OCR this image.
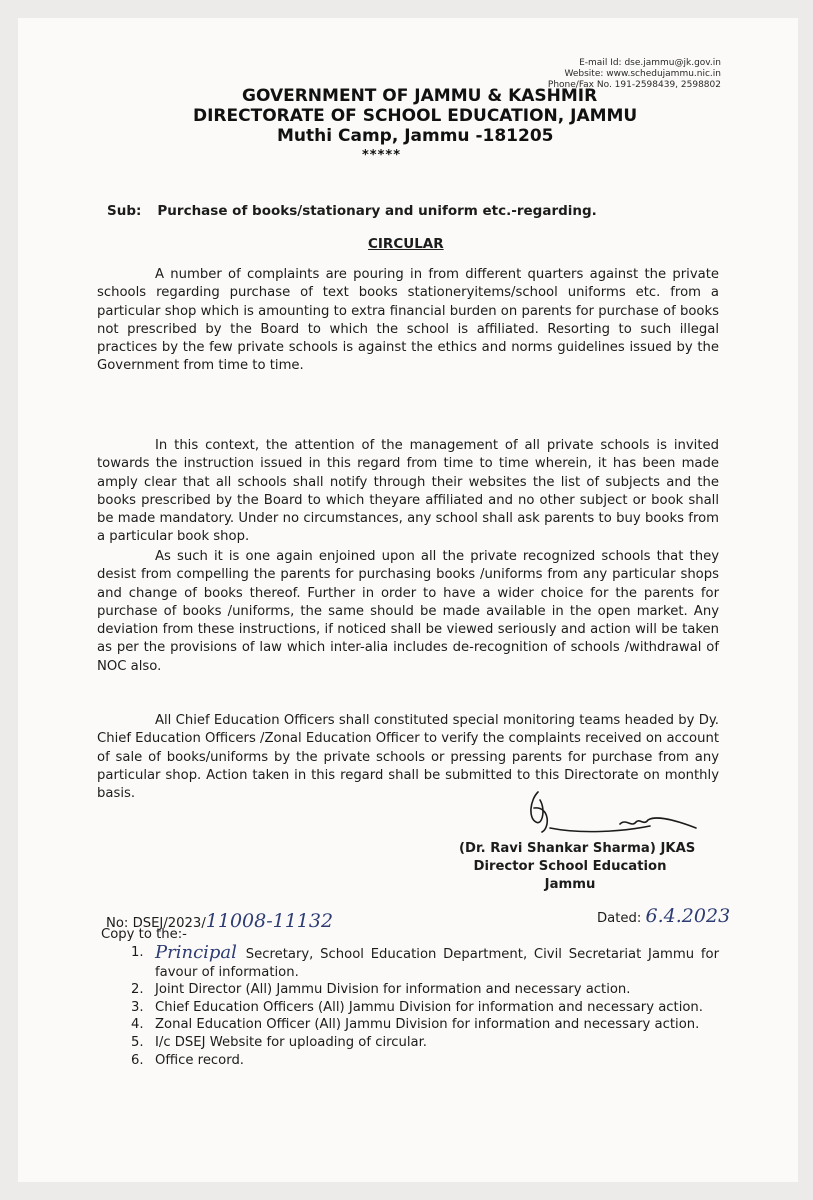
E-mail Id: dse.jammu@jk.gov.in
Website: www.schedujammu.nic.in
Phone/Fax No. 191-2598439, 2598802
GOVERNMENT OF JAMMU & KASHMIR
DIRECTORATE OF SCHOOL EDUCATION, JAMMU
Muthi Camp, Jammu -181205
*****
Sub: Purchase of books/stationary and uniform etc.-regarding.
CIRCULAR
A number of complaints are pouring in from different quarters against the private schools regarding purchase of text books stationeryitems/school uniforms etc. from a particular shop which is amounting to extra financial burden on parents for purchase of books not prescribed by the Board to which the school is affiliated. Resorting to such illegal practices by the few private schools is against the ethics and norms guidelines issued by the Government from time to time.
In this context, the attention of the management of all private schools is invited towards the instruction issued in this regard from time to time wherein, it has been made amply clear that all schools shall notify through their websites the list of subjects and the books prescribed by the Board to which theyare affiliated and no other subject or book shall be made mandatory. Under no circumstances, any school shall ask parents to buy books from a particular book shop.
As such it is one again enjoined upon all the private recognized schools that they desist from compelling the parents for purchasing books /uniforms from any particular shops and change of books thereof. Further in order to have a wider choice for the parents for purchase of books /uniforms, the same should be made available in the open market. Any deviation from these instructions, if noticed shall be viewed seriously and action will be taken as per the provisions of law which inter-alia includes de-recognition of schools /withdrawal of NOC also.
All Chief Education Officers shall constituted special monitoring teams headed by Dy. Chief Education Officers /Zonal Education Officer to verify the complaints received on account of sale of books/uniforms by the private schools or pressing parents for purchase from any particular shop. Action taken in this regard shall be submitted to this Directorate on monthly basis.
(Dr. Ravi Shankar Sharma) JKAS
Director School Education
Jammu
No: DSEJ/2023/11008-11132	Dated: 6.4.2023
Copy to the:-
1. Principal Secretary, School Education Department, Civil Secretariat Jammu for favour of information.
2. Joint Director (All) Jammu Division for information and necessary action.
3. Chief Education Officers (All) Jammu Division for information and necessary action.
4. Zonal Education Officer (All) Jammu Division for information and necessary action.
5. I/c DSEJ Website for uploading of circular.
6. Office record.
